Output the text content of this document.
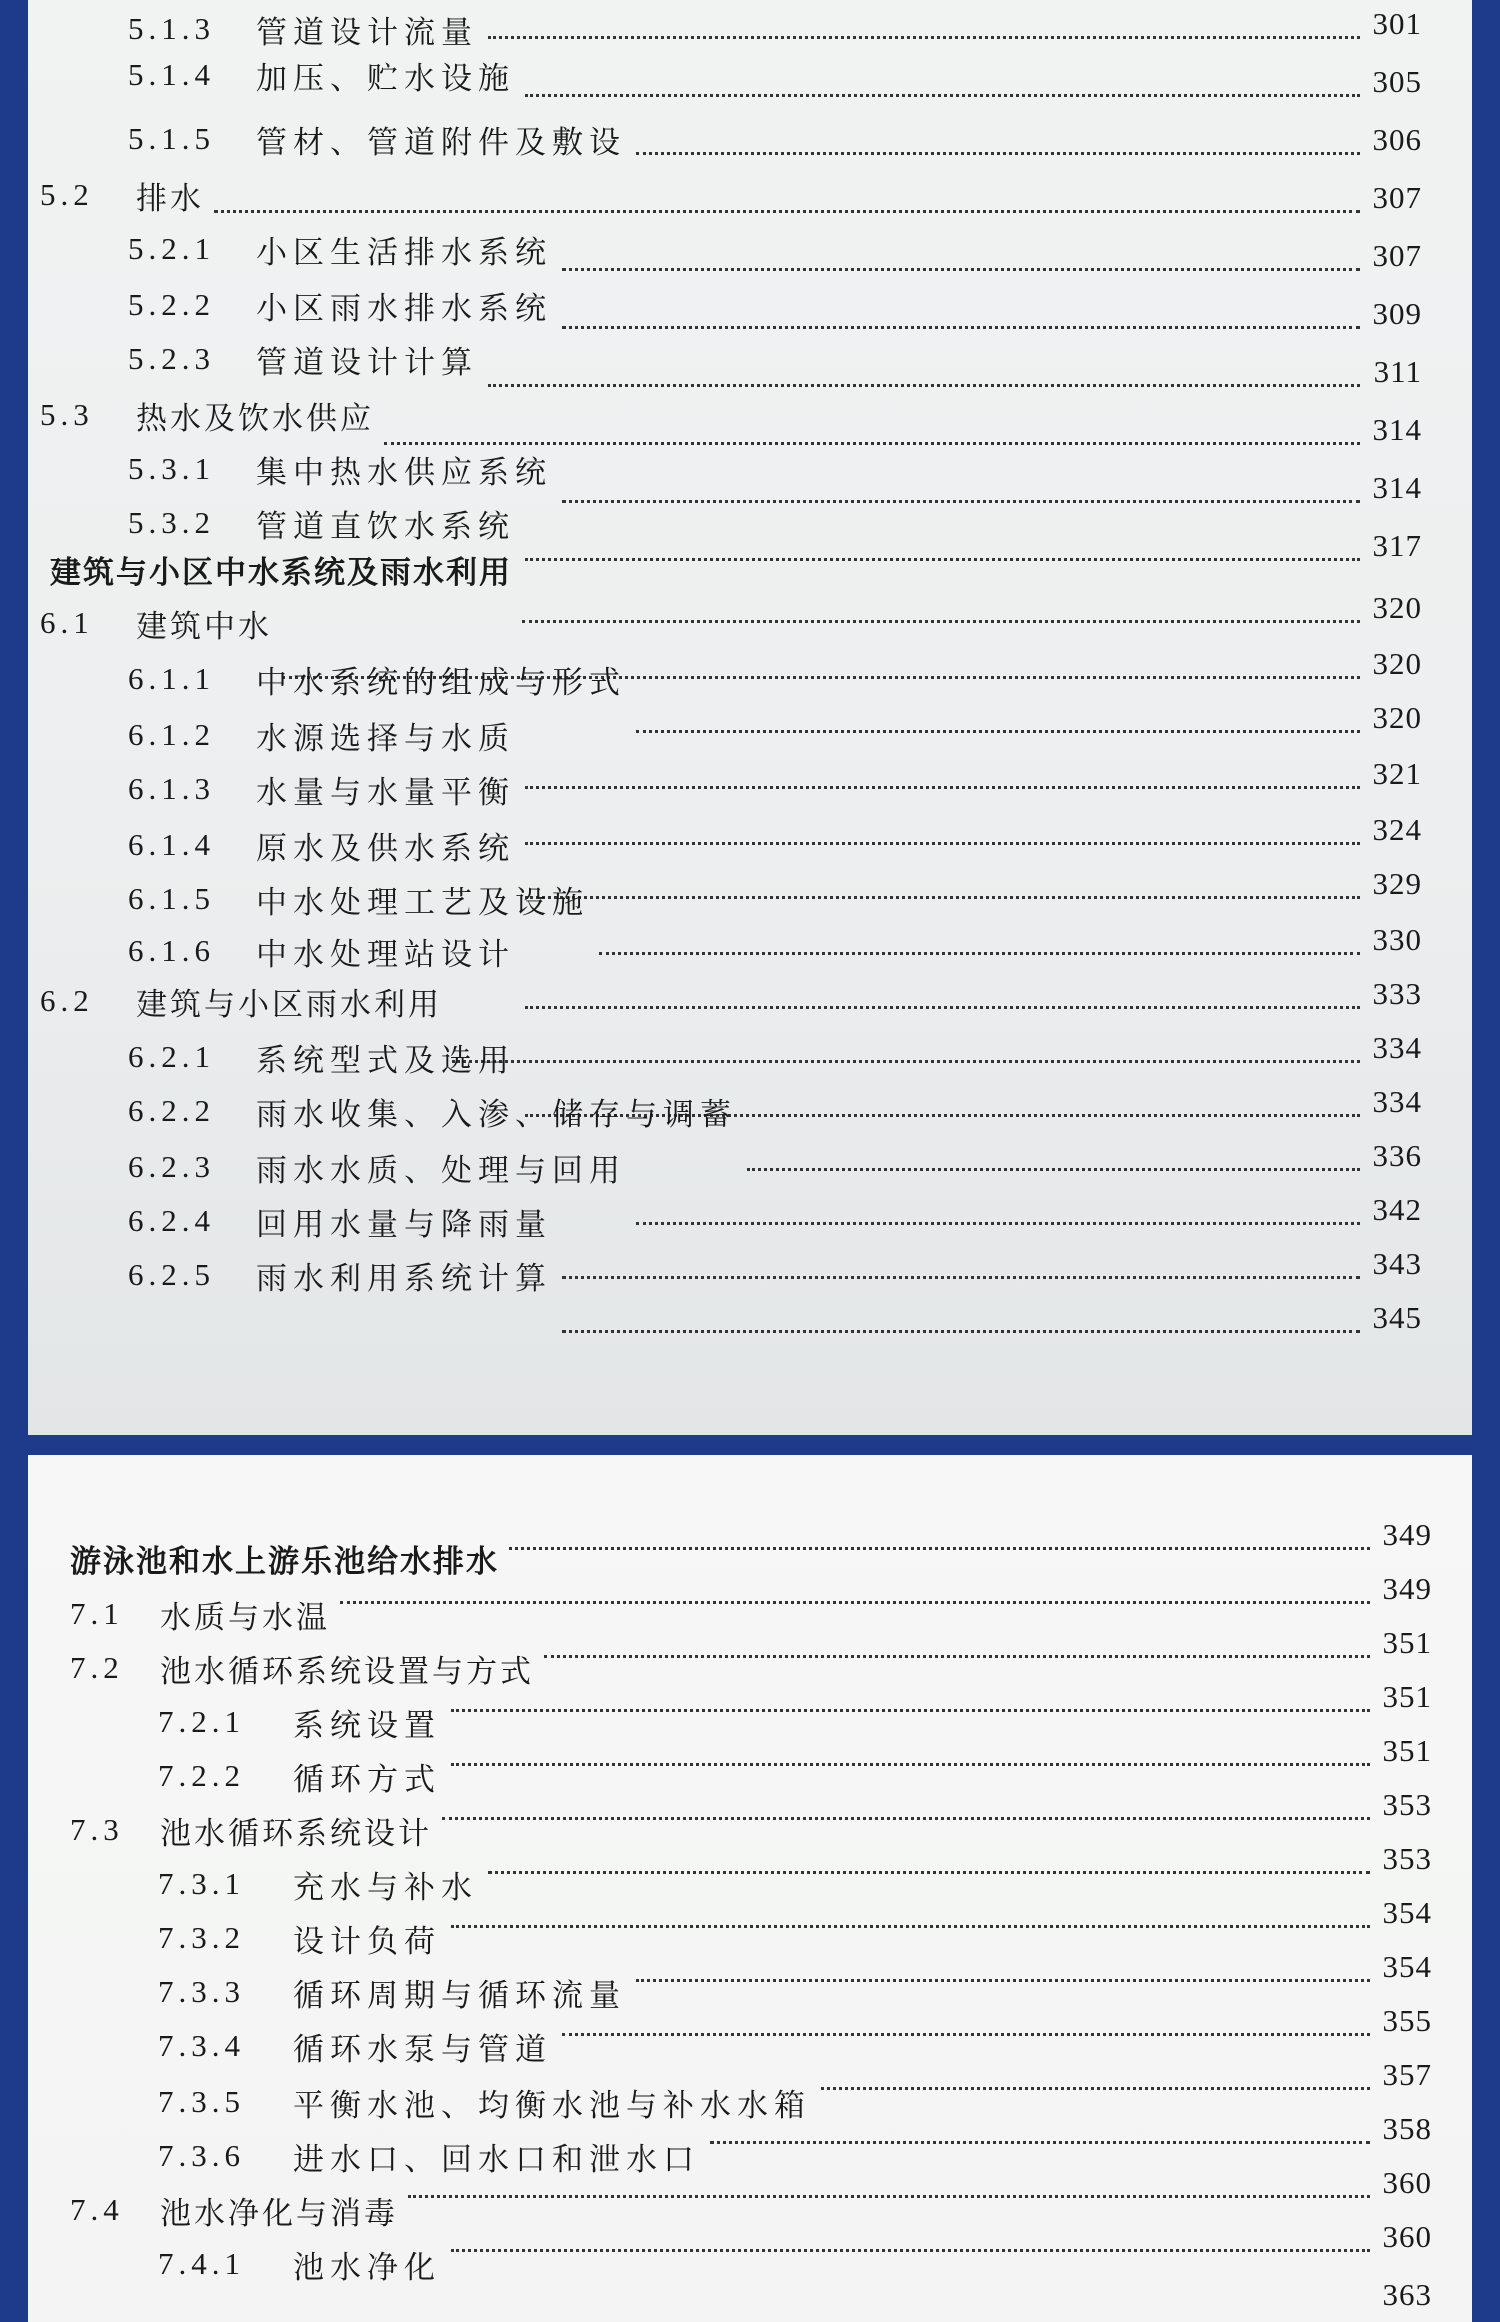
301
5.1.3 管道设计流量
305
5.1.4 加压、贮水设施
306
5.1.5 管材、管道附件及敷设
307
5.2 排水
307
5.2.1 小区生活排水系统
309
5.2.2 小区雨水排水系统
311
5.2.3 管道设计计算
314
5.3 热水及饮水供应
314
5.3.1 集中热水供应系统
317
5.3.2 管道直饮水系统
320
建筑与小区中水系统及雨水利用
320
6.1 建筑中水
320
6.1.1 中水系统的组成与形式
321
6.1.2 水源选择与水质
324
6.1.3 水量与水量平衡
329
6.1.4 原水及供水系统
330
6.1.5 中水处理工艺及设施
333
6.1.6 中水处理站设计
334
6.2 建筑与小区雨水利用
334
6.2.1 系统型式及选用
336
6.2.2 雨水收集、入渗、储存与调蓄
342
6.2.3 雨水水质、处理与回用
343
6.2.4 回用水量与降雨量
345
6.2.5 雨水利用系统计算
349
游泳池和水上游乐池给水排水
349
7.1 水质与水温
351
7.2 池水循环系统设置与方式
351
7.2.1 系统设置
351
7.2.2 循环方式
353
7.3 池水循环系统设计
353
7.3.1 充水与补水
354
7.3.2 设计负荷
354
7.3.3 循环周期与循环流量
355
7.3.4 循环水泵与管道
357
7.3.5 平衡水池、均衡水池与补水水箱
358
7.3.6 进水口、回水口和泄水口
360
7.4 池水净化与消毒
360
7.4.1 池水净化
363
